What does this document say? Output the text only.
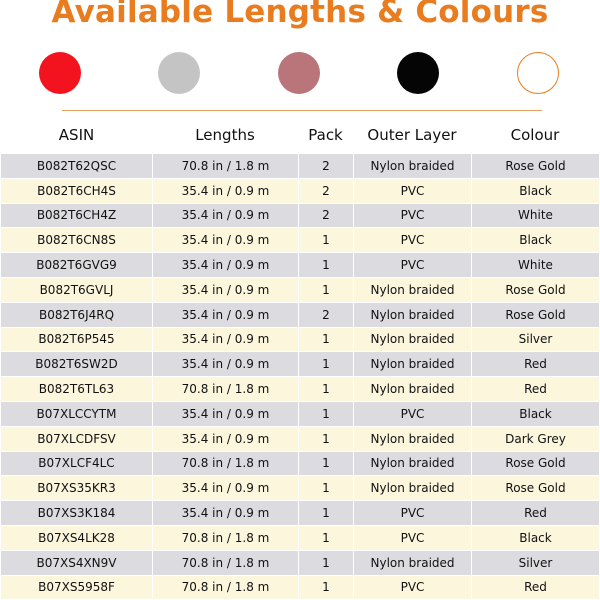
Available Lengths & Colours
ASIN	Lengths	Pack	Outer Layer	Colour
B082T62QSC	70.8 in / 1.8 m	2	Nylon braided	Rose Gold
B082T6CH4S	35.4 in / 0.9 m	2	PVC	Black
B082T6CH4Z	35.4 in / 0.9 m	2	PVC	White
B082T6CN8S	35.4 in / 0.9 m	1	PVC	Black
B082T6GVG9	35.4 in / 0.9 m	1	PVC	White
B082T6GVLJ	35.4 in / 0.9 m	1	Nylon braided	Rose Gold
B082T6J4RQ	35.4 in / 0.9 m	2	Nylon braided	Rose Gold
B082T6P545	35.4 in / 0.9 m	1	Nylon braided	Silver
B082T6SW2D	35.4 in / 0.9 m	1	Nylon braided	Red
B082T6TL63	70.8 in / 1.8 m	1	Nylon braided	Red
B07XLCCYTM	35.4 in / 0.9 m	1	PVC	Black
B07XLCDFSV	35.4 in / 0.9 m	1	Nylon braided	Dark Grey
B07XLCF4LC	70.8 in / 1.8 m	1	Nylon braided	Rose Gold
B07XS35KR3	35.4 in / 0.9 m	1	Nylon braided	Rose Gold
B07XS3K184	35.4 in / 0.9 m	1	PVC	Red
B07XS4LK28	70.8 in / 1.8 m	1	PVC	Black
B07XS4XN9V	70.8 in / 1.8 m	1	Nylon braided	Silver
B07XS5958F	70.8 in / 1.8 m	1	PVC	Red
